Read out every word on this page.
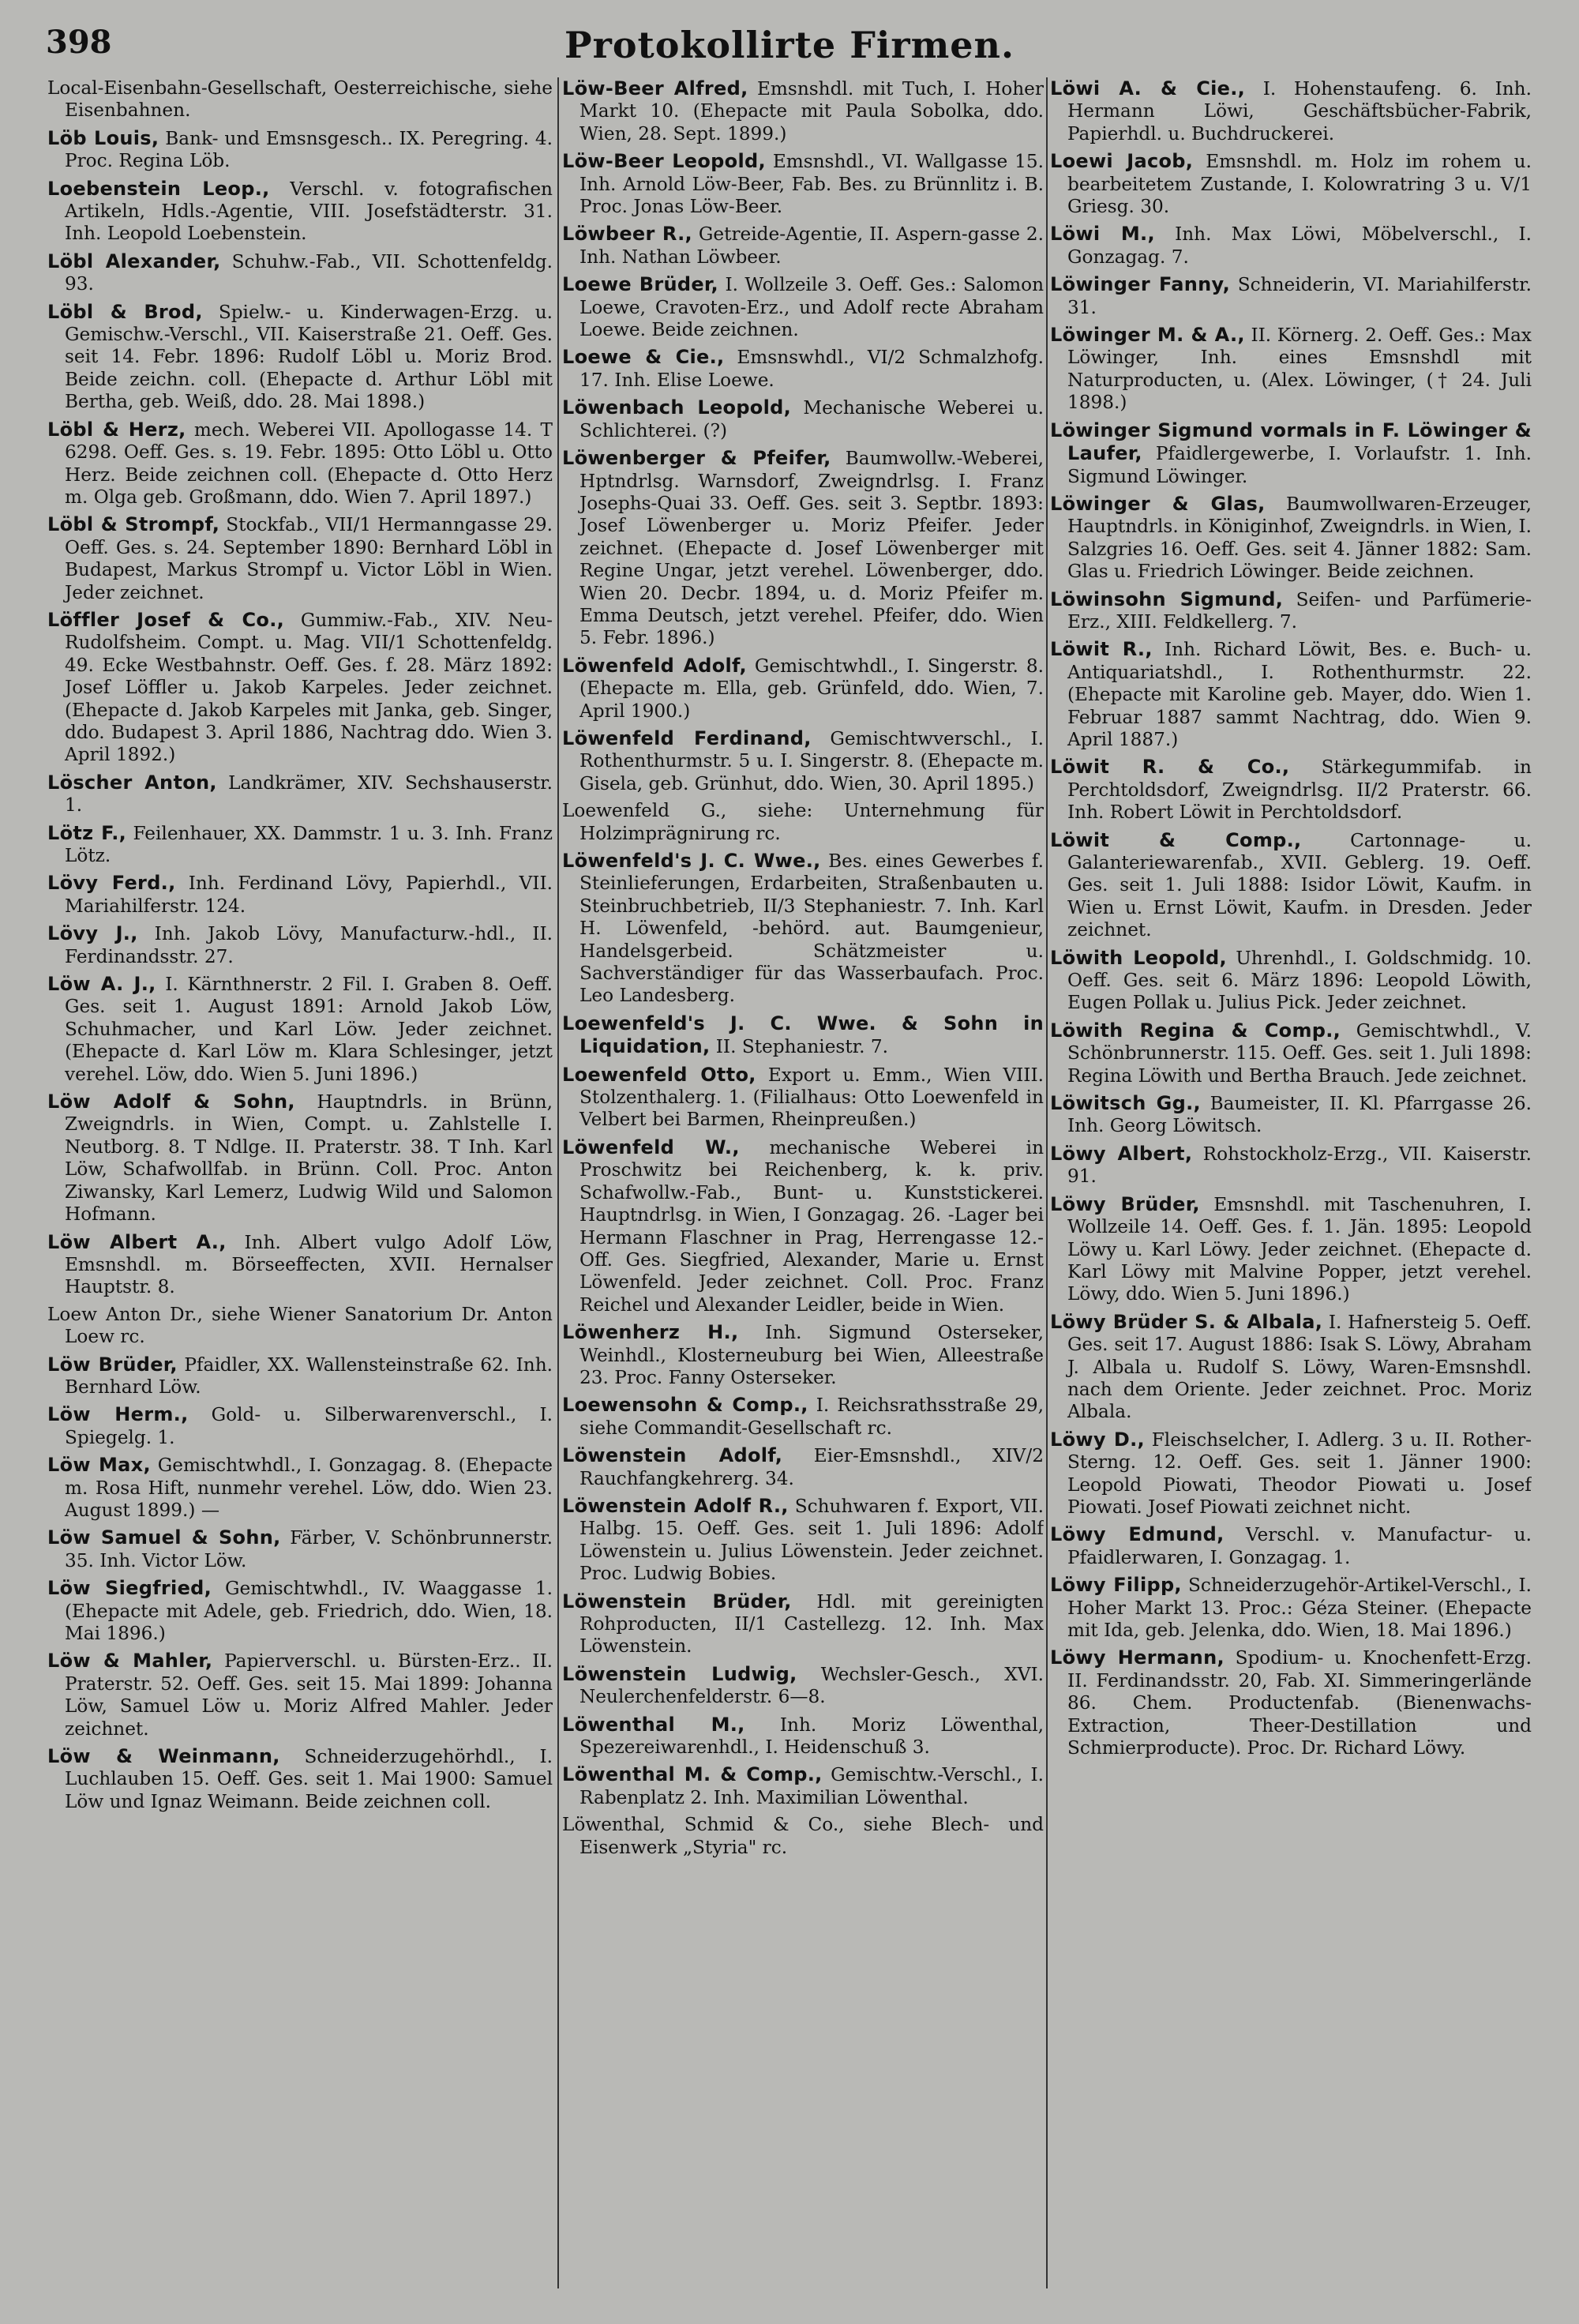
398	Protokollirte Firmen.
Local-Eisenbahn-Gesellschaft, Oesterreichische, siehe Eisenbahnen.
Löb Louis, Bank- und Emsnsgesch.. IX. Peregring. 4. Proc. Regina Löb.
Loebenstein Leop., Verschl. v. fotografischen Artikeln, Hdls.-Agentie, VIII. Josefstädterstr. 31. Inh. Leopold Loebenstein.
Löbl Alexander, Schuhw.-Fab., VII. Schottenfeldg. 93.
Löbl & Brod, Spielw.- u. Kinderwagen-Erzg. u. Gemischw.-Verschl., VII. Kaiserstraße 21. Oeff. Ges. seit 14. Febr. 1896: Rudolf Löbl u. Moriz Brod. Beide zeichn. coll. (Ehepacte d. Arthur Löbl mit Bertha, geb. Weiß, ddo. 28. Mai 1898.)
Löbl & Herz, mech. Weberei VII. Apollogasse 14. T 6298. Oeff. Ges. s. 19. Febr. 1895: Otto Löbl u. Otto Herz. Beide zeichnen coll. (Ehepacte d. Otto Herz m. Olga geb. Großmann, ddo. Wien 7. April 1897.)
Löbl & Strompf, Stockfab., VII/1 Hermanngasse 29. Oeff. Ges. s. 24. September 1890: Bernhard Löbl in Budapest, Markus Strompf u. Victor Löbl in Wien. Jeder zeichnet.
Löffler Josef & Co., Gummiw.-Fab., XIV. Neu-Rudolfsheim. Compt. u. Mag. VII/1 Schottenfeldg. 49. Ecke Westbahnstr. Oeff. Ges. f. 28. März 1892: Josef Löffler u. Jakob Karpeles. Jeder zeichnet. (Ehepacte d. Jakob Karpeles mit Janka, geb. Singer, ddo. Budapest 3. April 1886, Nachtrag ddo. Wien 3. April 1892.)
Löscher Anton, Landkrämer, XIV. Sechshauserstr. 1.
Lötz F., Feilenhauer, XX. Dammstr. 1 u. 3. Inh. Franz Lötz.
Lövy Ferd., Inh. Ferdinand Lövy, Papierhdl., VII. Mariahilferstr. 124.
Lövy J., Inh. Jakob Lövy, Manufacturw.-hdl., II. Ferdinandsstr. 27.
Löw A. J., I. Kärnthnerstr. 2 Fil. I. Graben 8. Oeff. Ges. seit 1. August 1891: Arnold Jakob Löw, Schuhmacher, und Karl Löw. Jeder zeichnet. (Ehepacte d. Karl Löw m. Klara Schlesinger, jetzt verehel. Löw, ddo. Wien 5. Juni 1896.)
Löw Adolf & Sohn, Hauptndrls. in Brünn, Zweigndrls. in Wien, Compt. u. Zahlstelle I. Neutborg. 8. T Ndlge. II. Praterstr. 38. T Inh. Karl Löw, Schafwollfab. in Brünn. Coll. Proc. Anton Ziwansky, Karl Lemerz, Ludwig Wild und Salomon Hofmann.
Löw Albert A., Inh. Albert vulgo Adolf Löw, Emsnshdl. m. Börseeffecten, XVII. Hernalser Hauptstr. 8.
Loew Anton Dr., siehe Wiener Sanatorium Dr. Anton Loew rc.
Löw Brüder, Pfaidler, XX. Wallensteinstraße 62. Inh. Bernhard Löw.
Löw Herm., Gold- u. Silberwarenverschl., I. Spiegelg. 1.
Löw Max, Gemischtwhdl., I. Gonzagag. 8. (Ehepacte m. Rosa Hift, nunmehr verehel. Löw, ddo. Wien 23. August 1899.) —
Löw Samuel & Sohn, Färber, V. Schönbrunnerstr. 35. Inh. Victor Löw.
Löw Siegfried, Gemischtwhdl., IV. Waaggasse 1. (Ehepacte mit Adele, geb. Friedrich, ddo. Wien, 18. Mai 1896.)
Löw & Mahler, Papierverschl. u. Bürsten-Erz.. II. Praterstr. 52. Oeff. Ges. seit 15. Mai 1899: Johanna Löw, Samuel Löw u. Moriz Alfred Mahler. Jeder zeichnet.
Löw & Weinmann, Schneiderzugehörhdl., I. Luchlauben 15. Oeff. Ges. seit 1. Mai 1900: Samuel Löw und Ignaz Weimann. Beide zeichnen coll.
Löw-Beer Alfred, Emsnshdl. mit Tuch, I. Hoher Markt 10. (Ehepacte mit Paula Sobolka, ddo. Wien, 28. Sept. 1899.)
Löw-Beer Leopold, Emsnshdl., VI. Wallgasse 15. Inh. Arnold Löw-Beer, Fab. Bes. zu Brünnlitz i. B. Proc. Jonas Löw-Beer.
Löwbeer R., Getreide-Agentie, II. Aspern-gasse 2. Inh. Nathan Löwbeer.
Loewe Brüder, I. Wollzeile 3. Oeff. Ges.: Salomon Loewe, Cravoten-Erz., und Adolf recte Abraham Loewe. Beide zeichnen.
Loewe & Cie., Emsnswhdl., VI/2 Schmalzhofg. 17. Inh. Elise Loewe.
Löwenbach Leopold, Mechanische Weberei u. Schlichterei. (?)
Löwenberger & Pfeifer, Baumwollw.-Weberei, Hptndrlsg. Warnsdorf, Zweigndrlsg. I. Franz Josephs-Quai 33. Oeff. Ges. seit 3. Septbr. 1893: Josef Löwenberger u. Moriz Pfeifer. Jeder zeichnet. (Ehepacte d. Josef Löwenberger mit Regine Ungar, jetzt verehel. Löwenberger, ddo. Wien 20. Decbr. 1894, u. d. Moriz Pfeifer m. Emma Deutsch, jetzt verehel. Pfeifer, ddo. Wien 5. Febr. 1896.)
Löwenfeld Adolf, Gemischtwhdl., I. Singerstr. 8. (Ehepacte m. Ella, geb. Grünfeld, ddo. Wien, 7. April 1900.)
Löwenfeld Ferdinand, Gemischtwverschl., I. Rothenthurmstr. 5 u. I. Singerstr. 8. (Ehepacte m. Gisela, geb. Grünhut, ddo. Wien, 30. April 1895.)
Loewenfeld G., siehe: Unternehmung für Holzimprägnirung rc.
Löwenfeld's J. C. Wwe., Bes. eines Gewerbes f. Steinlieferungen, Erdarbeiten, Straßenbauten u. Steinbruchbetrieb, II/3 Stephaniestr. 7. Inh. Karl H. Löwenfeld, -behörd. aut. Baumgenieur, Handelsgerbeid. Schätzmeister u. Sachverständiger für das Wasserbaufach. Proc. Leo Landesberg.
Loewenfeld's J. C. Wwe. & Sohn in Liquidation, II. Stephaniestr. 7.
Loewenfeld Otto, Export u. Emm., Wien VIII. Stolzenthalerg. 1. (Filialhaus: Otto Loewenfeld in Velbert bei Barmen, Rheinpreußen.)
Löwenfeld W., mechanische Weberei in Proschwitz bei Reichenberg, k. k. priv. Schafwollw.-Fab., Bunt- u. Kunststickerei. Hauptndrlsg. in Wien, I Gonzagag. 26. -Lager bei Hermann Flaschner in Prag, Herrengasse 12.- Off. Ges. Siegfried, Alexander, Marie u. Ernst Löwenfeld. Jeder zeichnet. Coll. Proc. Franz Reichel und Alexander Leidler, beide in Wien.
Löwenherz H., Inh. Sigmund Osterseker, Weinhdl., Klosterneuburg bei Wien, Alleestraße 23. Proc. Fanny Osterseker.
Loewensohn & Comp., I. Reichsrathsstraße 29, siehe Commandit-Gesellschaft rc.
Löwenstein Adolf, Eier-Emsnshdl., XIV/2 Rauchfangkehrerg. 34.
Löwenstein Adolf R., Schuhwaren f. Export, VII. Halbg. 15. Oeff. Ges. seit 1. Juli 1896: Adolf Löwenstein u. Julius Löwenstein. Jeder zeichnet. Proc. Ludwig Bobies.
Löwenstein Brüder, Hdl. mit gereinigten Rohproducten, II/1 Castellezg. 12. Inh. Max Löwenstein.
Löwenstein Ludwig, Wechsler-Gesch., XVI. Neulerchenfelderstr. 6—8.
Löwenthal M., Inh. Moriz Löwenthal, Spezereiwarenhdl., I. Heidenschuß 3.
Löwenthal M. & Comp., Gemischtw.-Verschl., I. Rabenplatz 2. Inh. Maximilian Löwenthal.
Löwenthal, Schmid & Co., siehe Blech- und Eisenwerk „Styria" rc.
Löwi A. & Cie., I. Hohenstaufeng. 6. Inh. Hermann Löwi, Geschäftsbücher-Fabrik, Papierhdl. u. Buchdruckerei.
Loewi Jacob, Emsnshdl. m. Holz im rohem u. bearbeitetem Zustande, I. Kolowratring 3 u. V/1 Griesg. 30.
Löwi M., Inh. Max Löwi, Möbelverschl., I. Gonzagag. 7.
Löwinger Fanny, Schneiderin, VI. Mariahilferstr. 31.
Löwinger M. & A., II. Körnerg. 2. Oeff. Ges.: Max Löwinger, Inh. eines Emsnshdl mit Naturproducten, u. (Alex. Löwinger, († 24. Juli 1898.)
Löwinger Sigmund vormals in F. Löwinger & Laufer, Pfaidlergewerbe, I. Vorlaufstr. 1. Inh. Sigmund Löwinger.
Löwinger & Glas, Baumwollwaren-Erzeuger, Hauptndrls. in Königinhof, Zweigndrls. in Wien, I. Salzgries 16. Oeff. Ges. seit 4. Jänner 1882: Sam. Glas u. Friedrich Löwinger. Beide zeichnen.
Löwinsohn Sigmund, Seifen- und Parfümerie-Erz., XIII. Feldkellerg. 7.
Löwit R., Inh. Richard Löwit, Bes. e. Buch- u. Antiquariatshdl., I. Rothenthurmstr. 22. (Ehepacte mit Karoline geb. Mayer, ddo. Wien 1. Februar 1887 sammt Nachtrag, ddo. Wien 9. April 1887.)
Löwit R. & Co., Stärkegummifab. in Perchtoldsdorf, Zweigndrlsg. II/2 Praterstr. 66. Inh. Robert Löwit in Perchtoldsdorf.
Löwit & Comp.,	Cartonnage- u. Galanteriewarenfab., XVII. Geblerg. 19. Oeff. Ges. seit 1. Juli 1888: Isidor Löwit, Kaufm. in Wien u. Ernst Löwit, Kaufm. in Dresden. Jeder zeichnet.
Löwith Leopold, Uhrenhdl., I. Goldschmidg. 10. Oeff. Ges. seit 6. März 1896: Leopold Löwith, Eugen Pollak u. Julius Pick. Jeder zeichnet.
Löwith Regina & Comp., Gemischtwhdl., V. Schönbrunnerstr. 115. Oeff. Ges. seit 1. Juli 1898: Regina Löwith und Bertha Brauch. Jede zeichnet.
Löwitsch Gg., Baumeister, II. Kl. Pfarrgasse 26. Inh. Georg Löwitsch.
Löwy Albert, Rohstockholz-Erzg., VII. Kaiserstr. 91.
Löwy Brüder, Emsnshdl. mit Taschenuhren, I. Wollzeile 14. Oeff. Ges. f. 1. Jän. 1895: Leopold Löwy u. Karl Löwy. Jeder zeichnet. (Ehepacte d. Karl Löwy mit Malvine Popper, jetzt verehel. Löwy, ddo. Wien 5. Juni 1896.)
Löwy Brüder S. & Albala, I. Hafnersteig 5. Oeff. Ges. seit 17. August 1886: Isak S. Löwy, Abraham J. Albala u. Rudolf S. Löwy, Waren-Emsnshdl. nach dem Oriente. Jeder zeichnet. Proc. Moriz Albala.
Löwy D., Fleischselcher, I. Adlerg. 3 u. II. Rother-Sterng. 12. Oeff. Ges. seit 1. Jänner 1900: Leopold Piowati, Theodor Piowati u. Josef Piowati. Josef Piowati zeichnet nicht.
Löwy Edmund, Verschl. v. Manufactur- u. Pfaidlerwaren, I. Gonzagag. 1.
Löwy Filipp, Schneiderzugehör-Artikel-Verschl., I. Hoher Markt 13. Proc.: Géza Steiner. (Ehepacte mit Ida, geb. Jelenka, ddo. Wien, 18. Mai 1896.)
Löwy Hermann, Spodium- u. Knochenfett-Erzg. II. Ferdinandsstr. 20, Fab. XI. Simmeringerlände 86. Chem. Productenfab. (Bienenwachs-Extraction, Theer-Destillation und Schmierproducte). Proc. Dr. Richard Löwy.
